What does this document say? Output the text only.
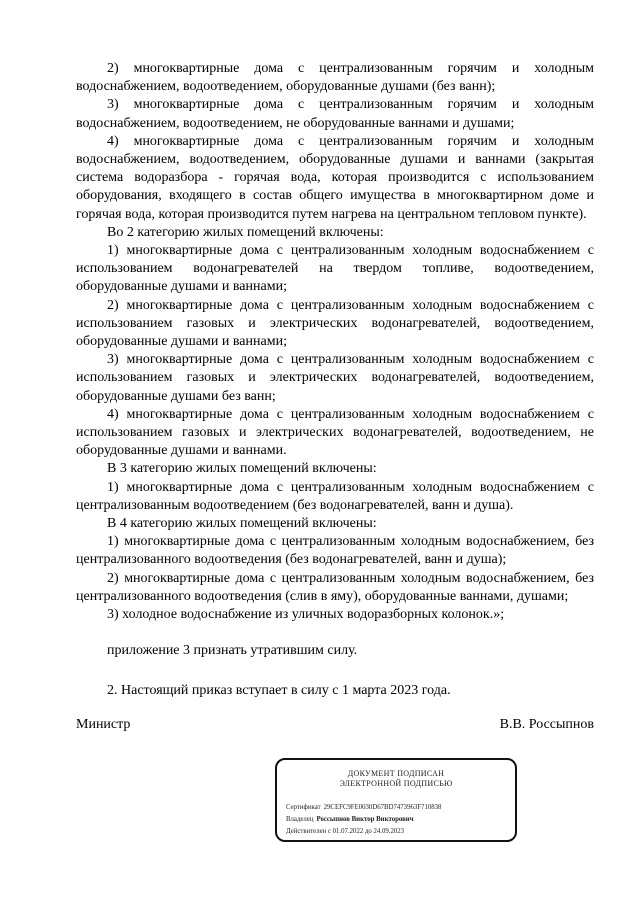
2) многоквартирные дома с централизованным горячим и холодным водоснабжением, водоотведением, оборудованные душами (без ванн);

3) многоквартирные дома с централизованным горячим и холодным водоснабжением, водоотведением, не оборудованные ваннами и душами;

4) многоквартирные дома с централизованным горячим и холодным водоснабжением, водоотведением, оборудованные душами и ваннами (закрытая система водоразбора - горячая вода, которая производится с использованием оборудования, входящего в состав общего имущества в многоквартирном доме и горячая вода, которая производится путем нагрева на центральном тепловом пункте).

Во 2 категорию жилых помещений включены:

1) многоквартирные дома с централизованным холодным водоснабжением с использованием водонагревателей на твердом топливе, водоотведением, оборудованные душами и ваннами;

2) многоквартирные дома с централизованным холодным водоснабжением с использованием газовых и электрических водонагревателей, водоотведением, оборудованные душами и ваннами;

3) многоквартирные дома с централизованным холодным водоснабжением с использованием газовых и электрических водонагревателей, водоотведением, оборудованные душами без ванн;

4) многоквартирные дома с централизованным холодным водоснабжением с использованием газовых и электрических водонагревателей, водоотведением, не оборудованные душами и ваннами.

В 3 категорию жилых помещений включены:

1) многоквартирные дома с централизованным холодным водоснабжением с централизованным водоотведением (без водонагревателей, ванн и душа).

В 4 категорию жилых помещений включены:

1) многоквартирные дома с централизованным холодным водоснабжением, без централизованного водоотведения (без водонагревателей, ванн и душа);

2) многоквартирные дома с централизованным холодным водоснабжением, без централизованного водоотведения (слив в яму), оборудованные ваннами, душами;

3) холодное водоснабжение из уличных водоразборных колонок.»;

приложение 3 признать утратившим силу.

2. Настоящий приказ вступает в силу с 1 марта 2023 года.

Министр	В.В. Россыпнов
ДОКУМЕНТ ПОДПИСАН
ЭЛЕКТРОННОЙ ПОДПИСЬЮ
Сертификат 29CEFC9FE0030D67BD7473963F710838
Владелец Россыпнов Виктор Викторович
Действителен с 01.07.2022 до 24.09.2023
